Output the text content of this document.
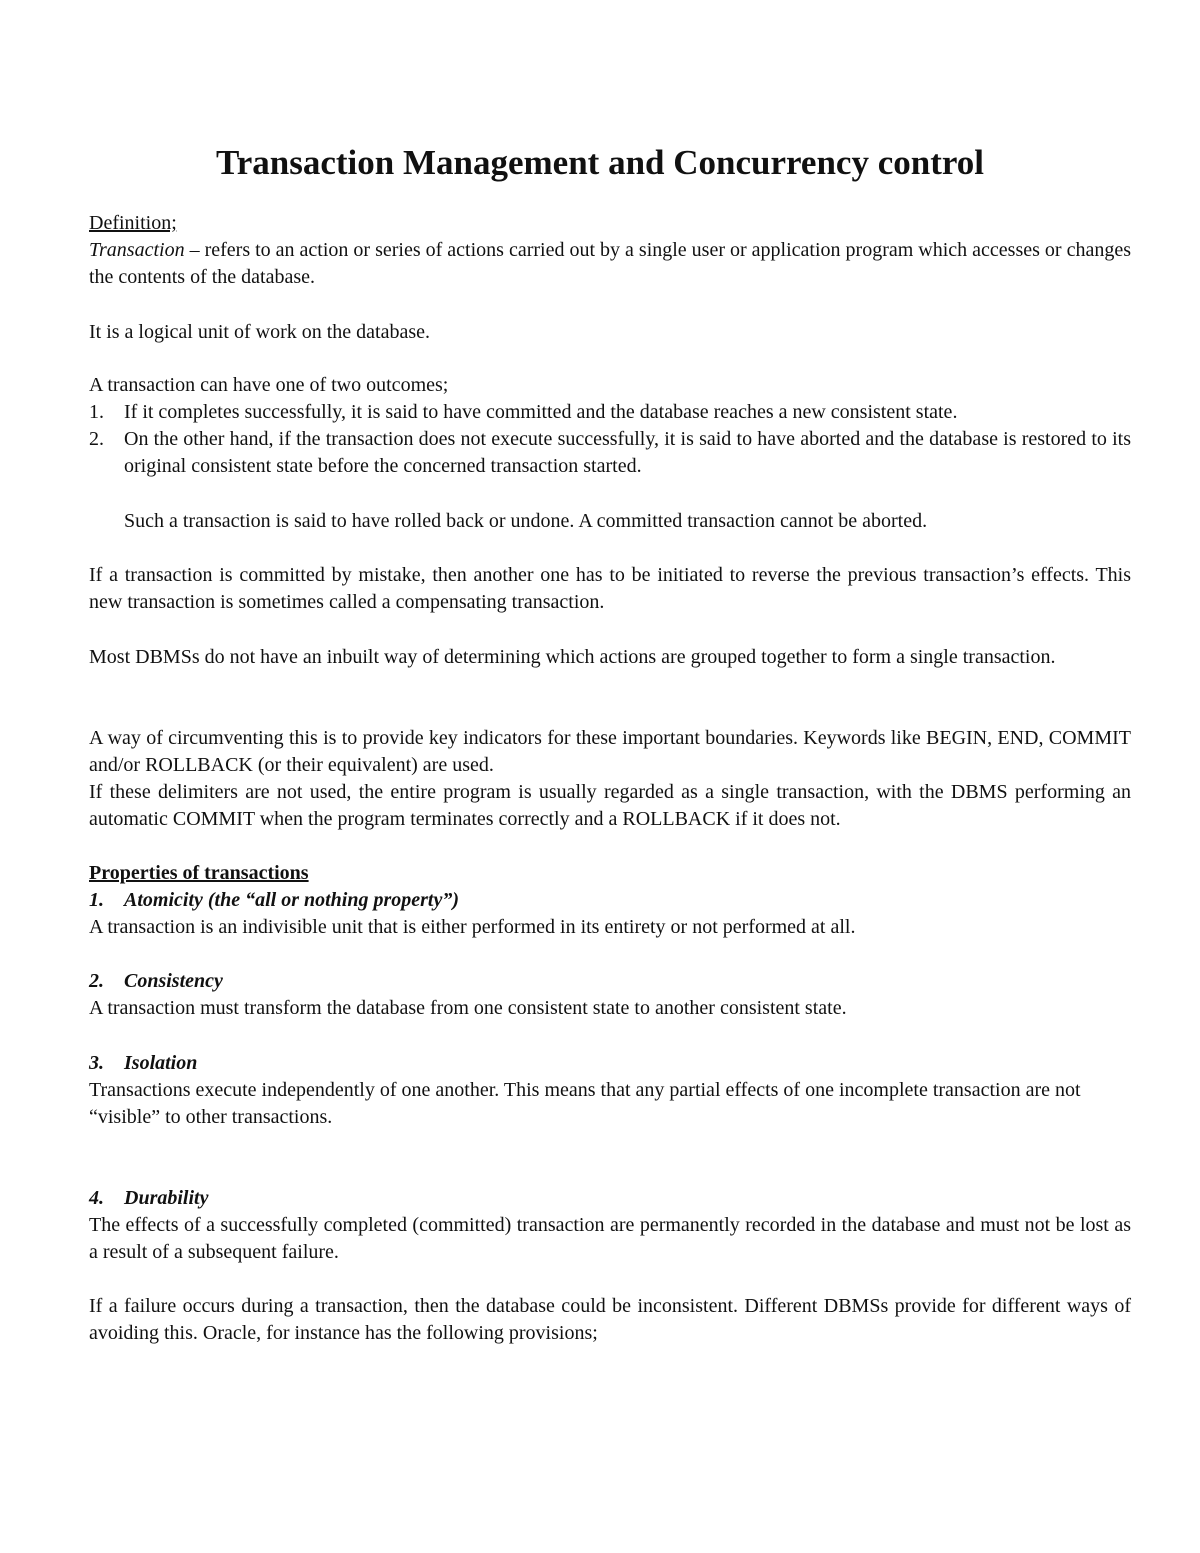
Transaction Management and Concurrency control
Definition;
Transaction – refers to an action or series of actions carried out by a single user or application program which accesses or changes the contents of the database.
It is a logical unit of work on the database.
A transaction can have one of two outcomes;
1. If it completes successfully, it is said to have committed and the database reaches a new consistent state.
2. On the other hand, if the transaction does not execute successfully, it is said to have aborted and the database is restored to its original consistent state before the concerned transaction started.
Such a transaction is said to have rolled back or undone. A committed transaction cannot be aborted.
If a transaction is committed by mistake, then another one has to be initiated to reverse the previous transaction’s effects. This new transaction is sometimes called a compensating transaction.
Most DBMSs do not have an inbuilt way of determining which actions are grouped together to form a single transaction.
A way of circumventing this is to provide key indicators for these important boundaries. Keywords like BEGIN, END, COMMIT and/or ROLLBACK (or their equivalent) are used.
If these delimiters are not used, the entire program is usually regarded as a single transaction, with the DBMS performing an automatic COMMIT when the program terminates correctly and a ROLLBACK if it does not.
Properties of transactions
1. Atomicity (the “all or nothing property”)

A transaction is an indivisible unit that is either performed in its entirety or not performed at all.

2. Consistency

A transaction must transform the database from one consistent state to another consistent state.

3. Isolation

Transactions execute independently of one another. This means that any partial effects of one incomplete transaction are not “visible” to other transactions.

4. Durability

The effects of a successfully completed (committed) transaction are permanently recorded in the database and must not be lost as a result of a subsequent failure.

If a failure occurs during a transaction, then the database could be inconsistent. Different DBMSs provide for different ways of avoiding this. Oracle, for instance has the following provisions;
